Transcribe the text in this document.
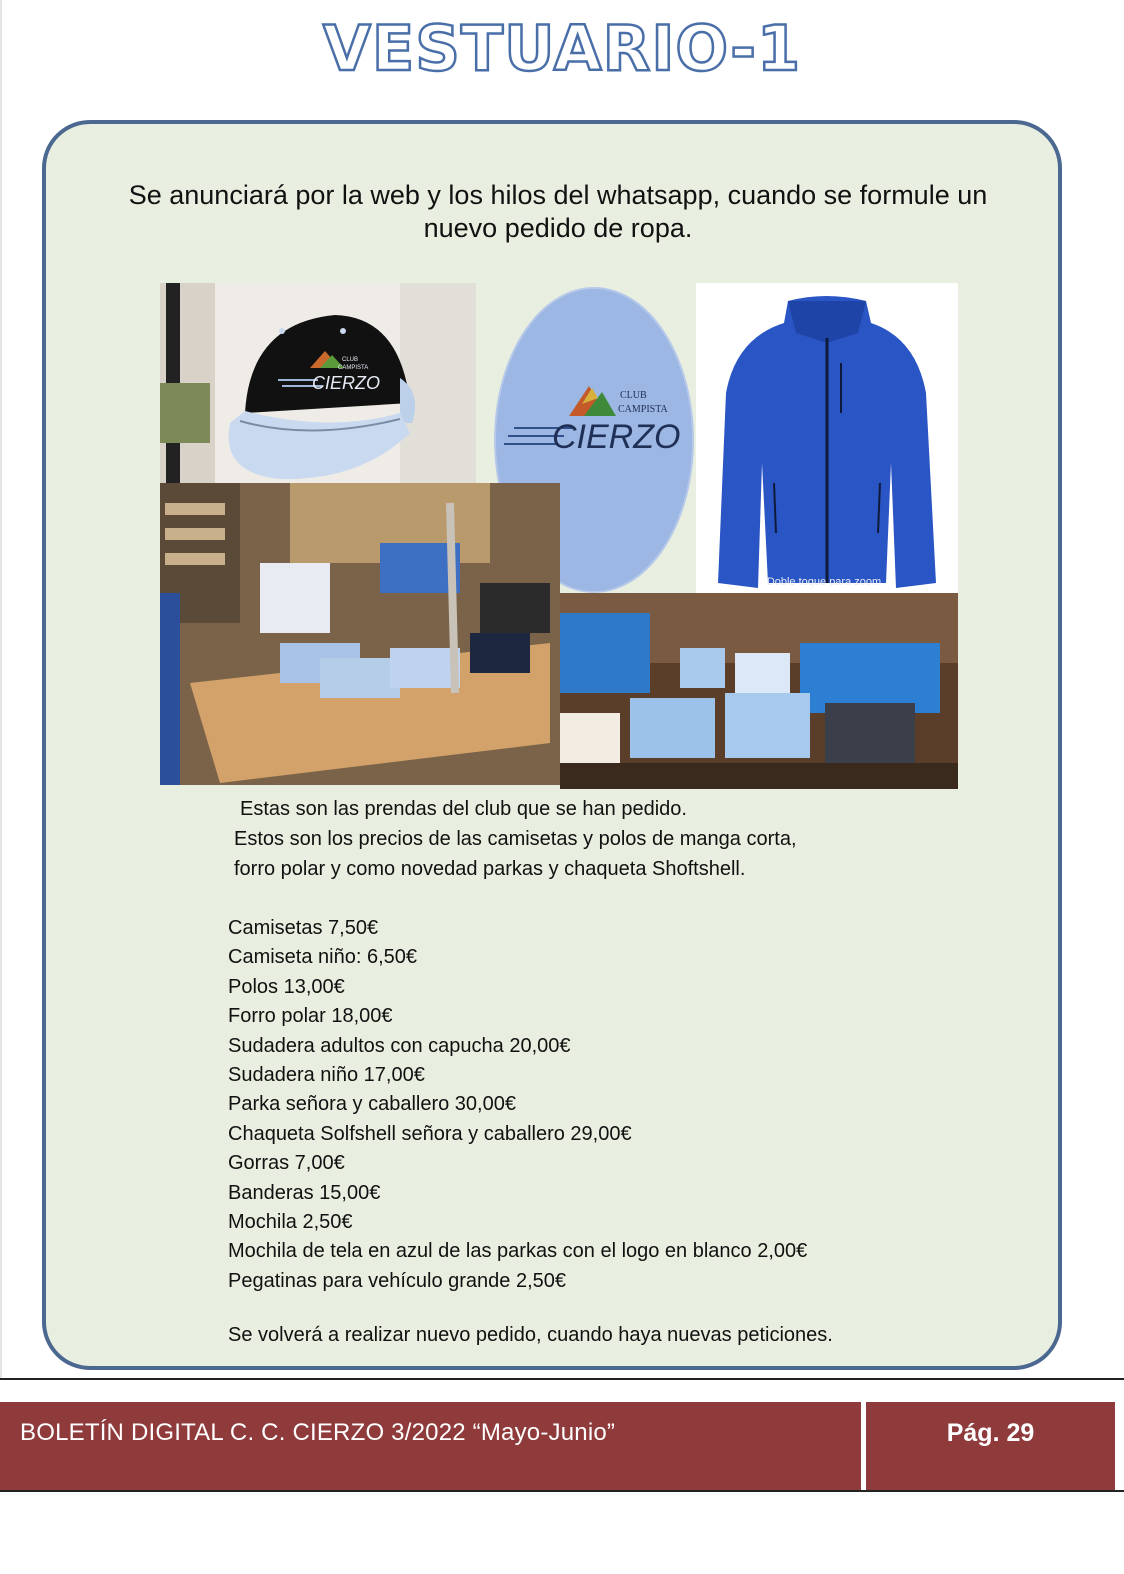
VESTUARIO-1
Se anunciará por la web y los hilos del whatsapp, cuando se formule un nuevo pedido de ropa.
CIERZO
CLUB
CAMPISTA
CIERZO
CLUB
CAMPISTA
Doble toque para zoom
Estas son las prendas del club que se han pedido.
Estos son los precios de las camisetas y polos de manga corta,
forro polar y como novedad parkas y chaqueta Shoftshell.
Camisetas 7,50€
Camiseta niño: 6,50€
Polos 13,00€
Forro polar 18,00€
Sudadera adultos con capucha 20,00€
Sudadera niño 17,00€
Parka señora y caballero 30,00€
Chaqueta Solfshell señora y caballero 29,00€
Gorras 7,00€
Banderas 15,00€
Mochila 2,50€
Mochila de tela en azul de las parkas con el logo en blanco 2,00€
Pegatinas para vehículo grande 2,50€
Se volverá a realizar nuevo pedido, cuando haya nuevas peticiones.
BOLETÍN DIGITAL C. C. CIERZO 3/2022 “Mayo-Junio”	Pág. 29
